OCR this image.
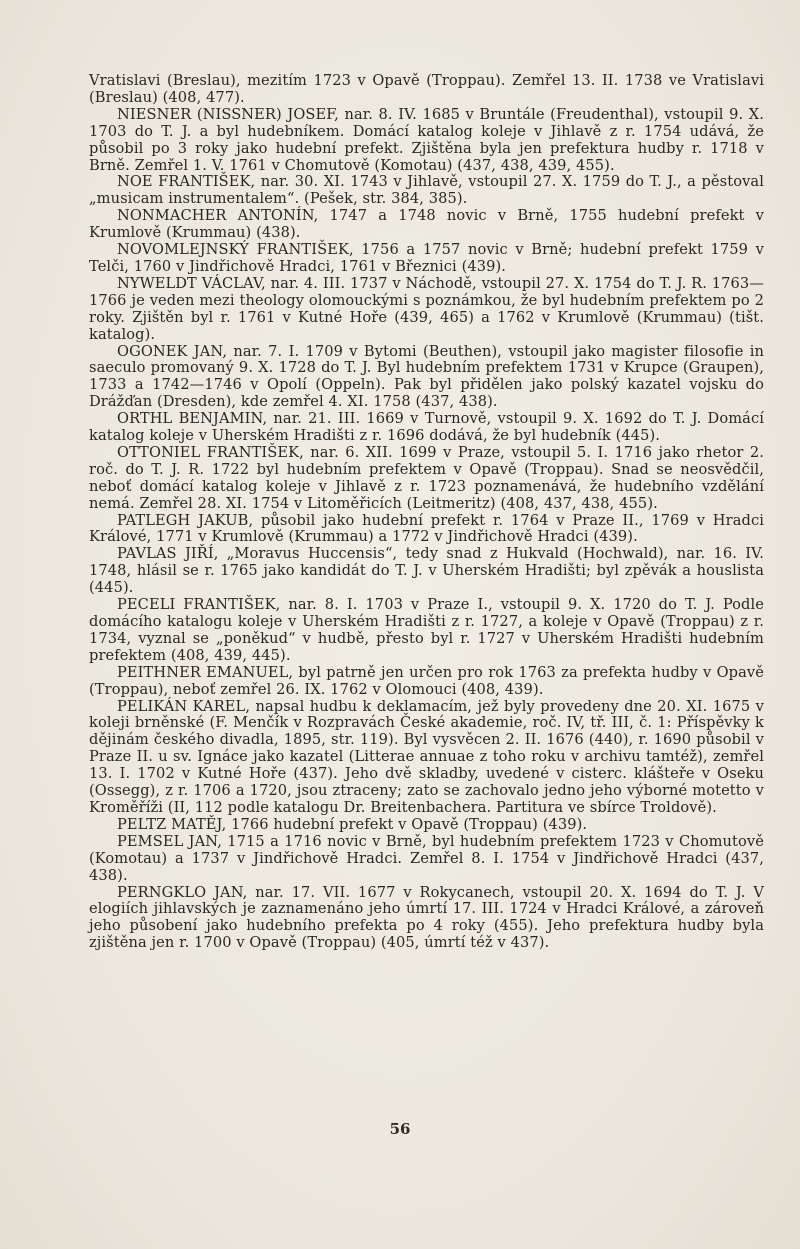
Vratislavi (Breslau), mezitím 1723 v Opavě (Troppau). Zemřel 13. II. 1738 ve Vratislavi (Breslau) (408, 477).

NIESNER (NISSNER) JOSEF, nar. 8. IV. 1685 v Bruntále (Freudenthal), vstoupil 9. X. 1703 do T. J. a byl hudebníkem. Domácí katalog koleje v Jihlavě z r. 1754 udává, že působil po 3 roky jako hudební prefekt. Zjištěna byla jen prefektura hudby r. 1718 v Brně. Zemřel 1. V. 1761 v Chomutově (Komotau) (437, 438, 439, 455).

NOE FRANTIŠEK, nar. 30. XI. 1743 v Jihlavě, vstoupil 27. X. 1759 do T. J., a pěstoval „musicam instrumentalem“. (Pešek, str. 384, 385).

NONMACHER ANTONÍN, 1747 a 1748 novic v Brně, 1755 hudební prefekt v Krumlově (Krummau) (438).

NOVOMLEJNSKÝ FRANTIŠEK, 1756 a 1757 novic v Brně; hudební prefekt 1759 v Telči, 1760 v Jindřichově Hradci, 1761 v Březnici (439).

NYWELDT VÁCLAV, nar. 4. III. 1737 v Náchodě, vstoupil 27. X. 1754 do T. J. R. 1763—1766 je veden mezi theology olomouckými s poznámkou, že byl hudebním prefektem po 2 roky. Zjištěn byl r. 1761 v Kutné Hoře (439, 465) a 1762 v Krumlově (Krummau) (tišt. katalog).

OGONEK JAN, nar. 7. I. 1709 v Bytomi (Beuthen), vstoupil jako magister filosofie in saeculo promovaný 9. X. 1728 do T. J. Byl hudebním prefektem 1731 v Krupce (Graupen), 1733 a 1742—1746 v Opolí (Oppeln). Pak byl přidělen jako polský kazatel vojsku do Drážďan (Dresden), kde zemřel 4. XI. 1758 (437, 438).

ORTHL BENJAMIN, nar. 21. III. 1669 v Turnově, vstoupil 9. X. 1692 do T. J. Domácí katalog koleje v Uherském Hradišti z r. 1696 dodává, že byl hudebník (445).

OTTONIEL FRANTIŠEK, nar. 6. XII. 1699 v Praze, vstoupil 5. I. 1716 jako rhetor 2. roč. do T. J. R. 1722 byl hudebním prefektem v Opavě (Troppau). Snad se neosvědčil, neboť domácí katalog koleje v Jihlavě z r. 1723 poznamenává, že hudebního vzdělání nemá. Zemřel 28. XI. 1754 v Litoměřicích (Leitmeritz) (408, 437, 438, 455).

PATLEGH JAKUB, působil jako hudební prefekt r. 1764 v Praze II., 1769 v Hradci Králové, 1771 v Krumlově (Krummau) a 1772 v Jindřichově Hradci (439).

PAVLAS JIŘÍ, „Moravus Huccensis“, tedy snad z Hukvald (Hochwald), nar. 16. IV. 1748, hlásil se r. 1765 jako kandidát do T. J. v Uherském Hradišti; byl zpěvák a houslista (445).

PECELI FRANTIŠEK, nar. 8. I. 1703 v Praze I., vstoupil 9. X. 1720 do T. J. Podle domácího katalogu koleje v Uherském Hradišti z r. 1727, a koleje v Opavě (Troppau) z r. 1734, vyznal se „poněkud“ v hudbě, přesto byl r. 1727 v Uherském Hradišti hudebním prefektem (408, 439, 445).

PEITHNER EMANUEL, byl patrně jen určen pro rok 1763 za prefekta hudby v Opavě (Troppau), neboť zemřel 26. IX. 1762 v Olomouci (408, 439).

PELIKÁN KAREL, napsal hudbu k deklamacím, jež byly provedeny dne 20. XI. 1675 v koleji brněnské (F. Menčík v Rozpravách České akademie, roč. IV, tř. III, č. 1: Příspěvky k dějinám českého divadla, 1895, str. 119). Byl vysvěcen 2. II. 1676 (440), r. 1690 působil v Praze II. u sv. Ignáce jako kazatel (Litterae annuae z toho roku v archivu tamtéž), zemřel 13. I. 1702 v Kutné Hoře (437). Jeho dvě skladby, uvedené v cisterc. klášteře v Oseku (Ossegg), z r. 1706 a 1720, jsou ztraceny; zato se zachovalo jedno jeho výborné motetto v Kroměříži (II, 112 podle katalogu Dr. Breitenbachera. Partitura ve sbírce Troldově).

PELTZ MATĚJ, 1766 hudební prefekt v Opavě (Troppau) (439).

PEMSEL JAN, 1715 a 1716 novic v Brně, byl hudebním prefektem 1723 v Chomutově (Komotau) a 1737 v Jindřichově Hradci. Zemřel 8. I. 1754 v Jindřichově Hradci (437, 438).

PERNGKLO JAN, nar. 17. VII. 1677 v Rokycanech, vstoupil 20. X. 1694 do T. J. V elogiích jihlavských je zaznamenáno jeho úmrtí 17. III. 1724 v Hradci Králové, a zároveň jeho působení jako hudebního prefekta po 4 roky (455). Jeho prefektura hudby byla zjištěna jen r. 1700 v Opavě (Troppau) (405, úmrtí též v 437).

56
